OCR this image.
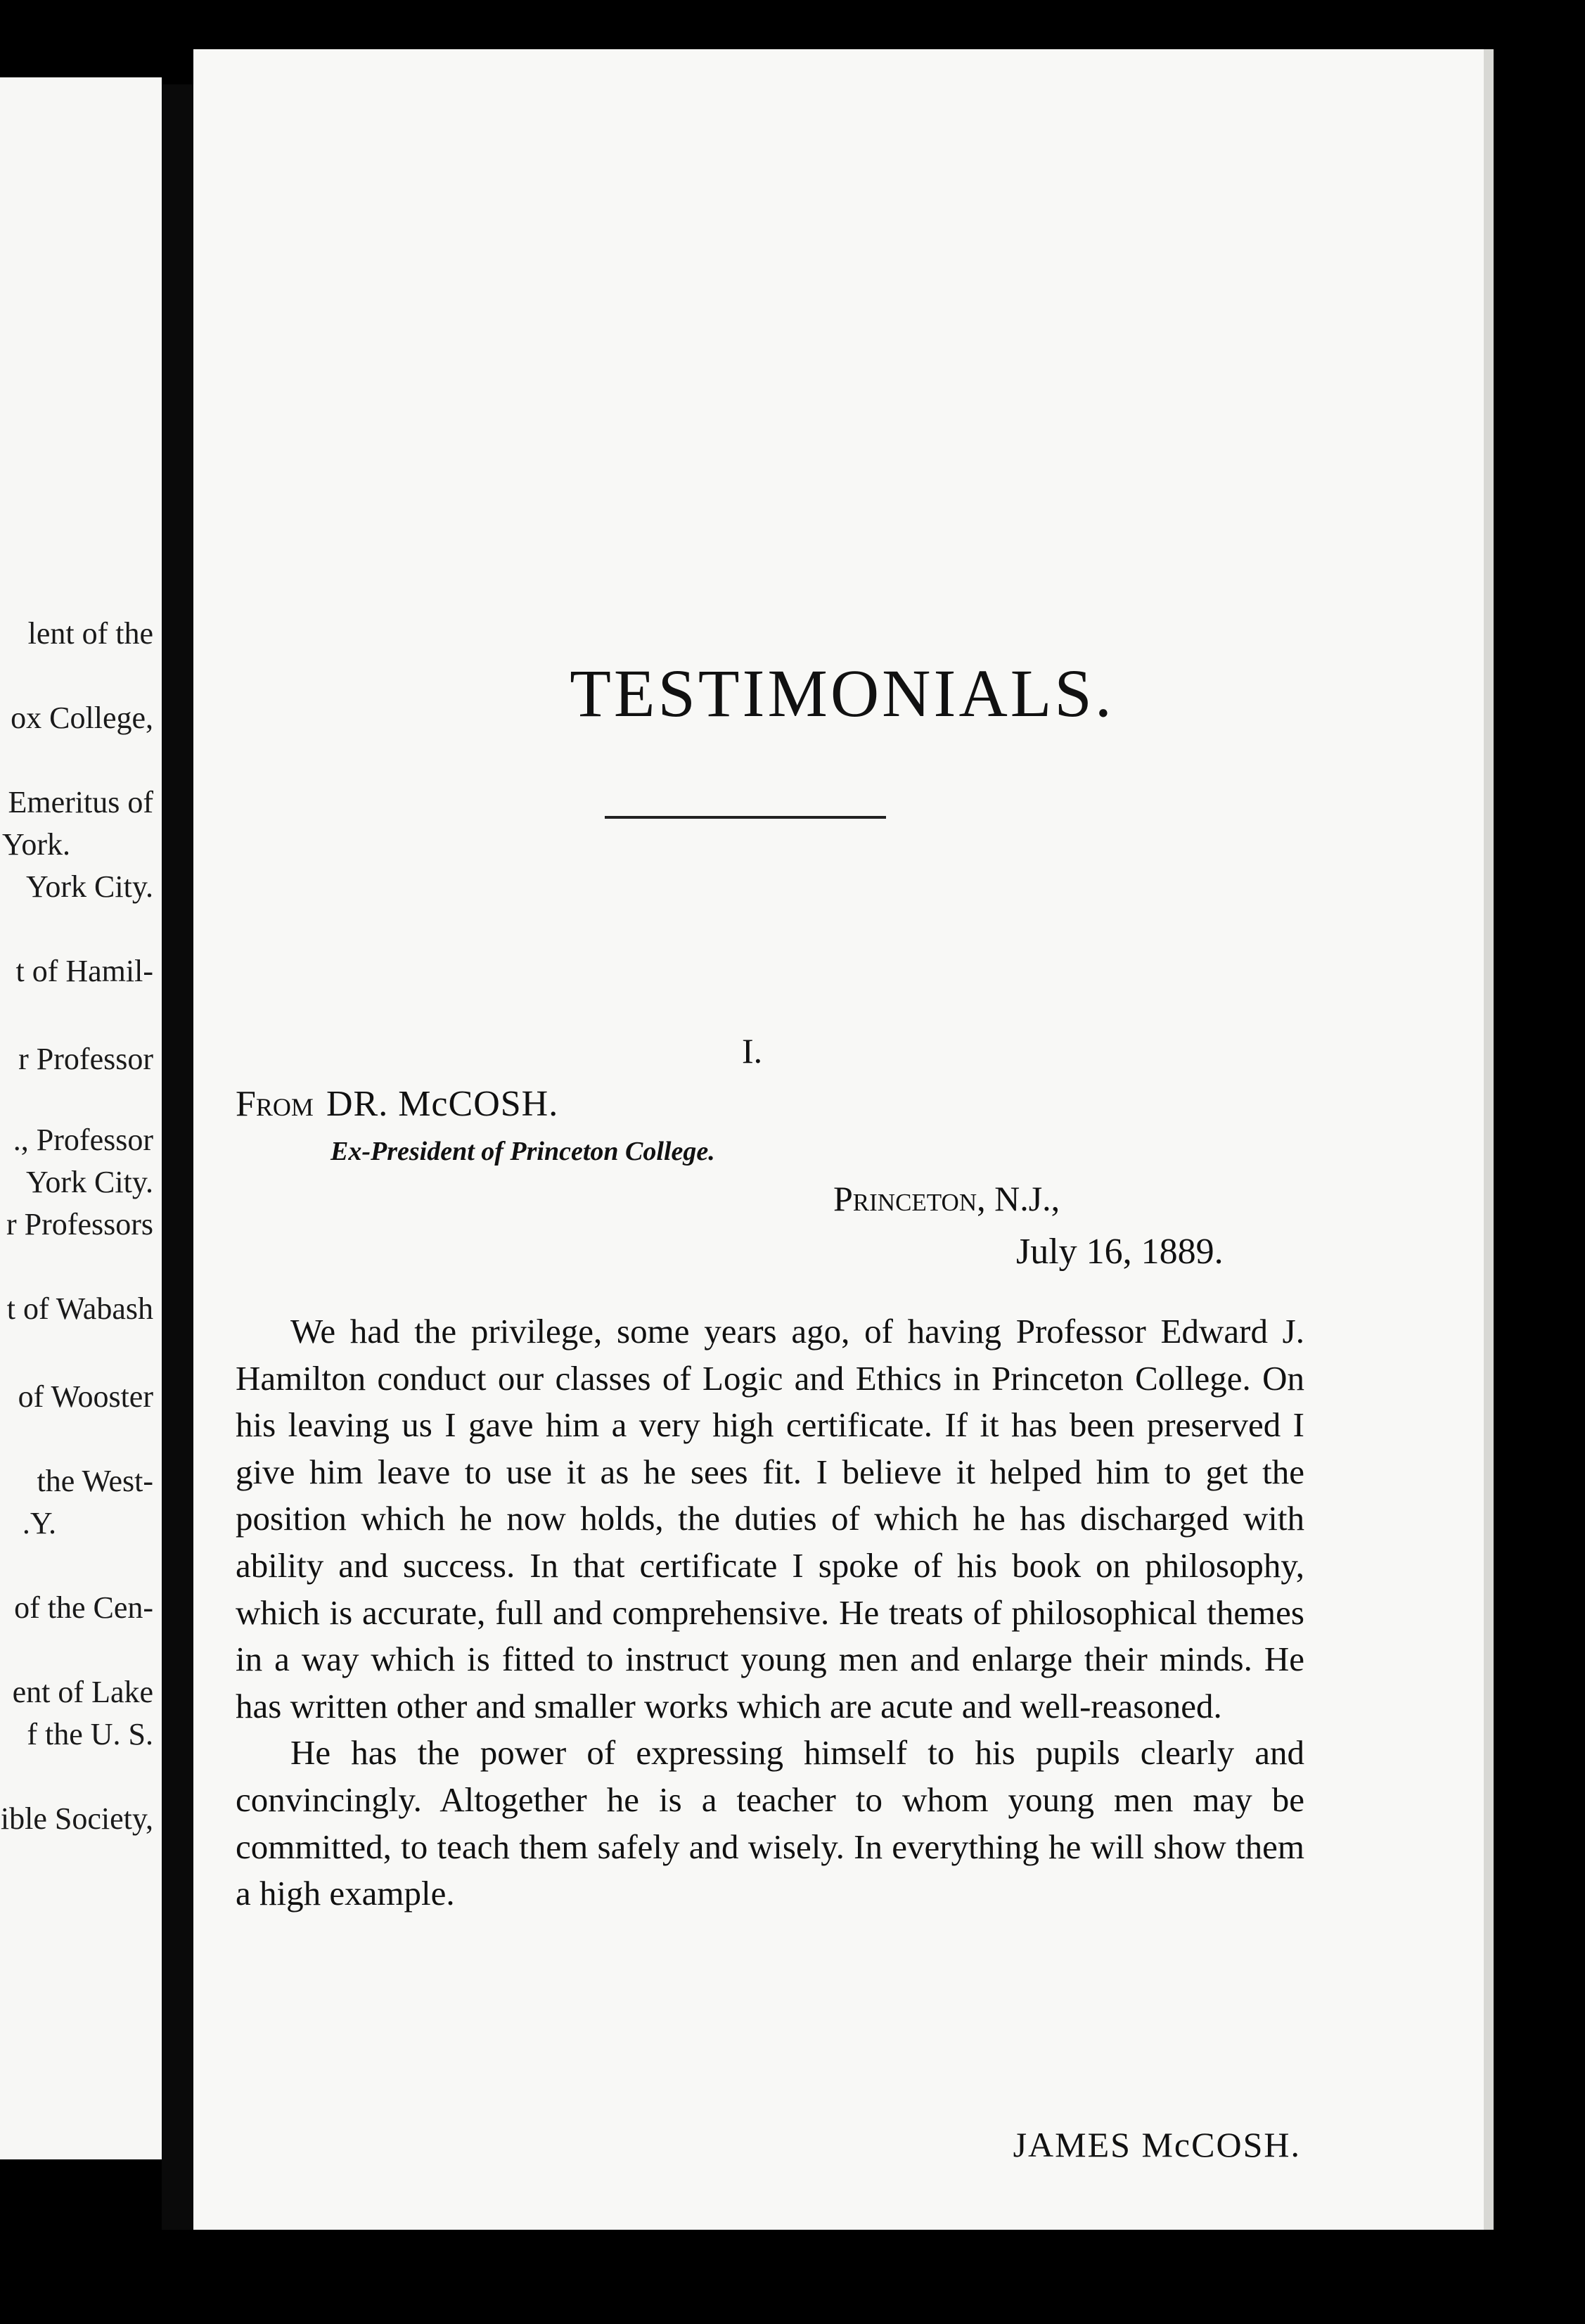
lent of the
ox College,
Emeritus of
York.
York City.
t of Hamil-
r Professor
., Professor
York City.
r Professors
t of Wabash
of Wooster
the West-
.Y.
of the Cen-
ent of Lake
f the U. S.
ible Society,
TESTIMONIALS.
I.
From DR. McCOSH.
Ex-President of Princeton College.
Princeton, N.J.,
July 16, 1889.

We had the privilege, some years ago, of having Professor Edward J. Hamilton conduct our classes of Logic and Ethics in Princeton College. On his leaving us I gave him a very high certificate. If it has been preserved I give him leave to use it as he sees fit. I believe it helped him to get the position which he now holds, the duties of which he has discharged with ability and success. In that certificate I spoke of his book on philosophy, which is accurate, full and comprehensive. He treats of philosophical themes in a way which is fitted to instruct young men and enlarge their minds. He has written other and smaller works which are acute and well-reasoned.

He has the power of expressing himself to his pupils clearly and convincingly. Altogether he is a teacher to whom young men may be committed, to teach them safely and wisely. In everything he will show them a high example.

JAMES McCOSH.
